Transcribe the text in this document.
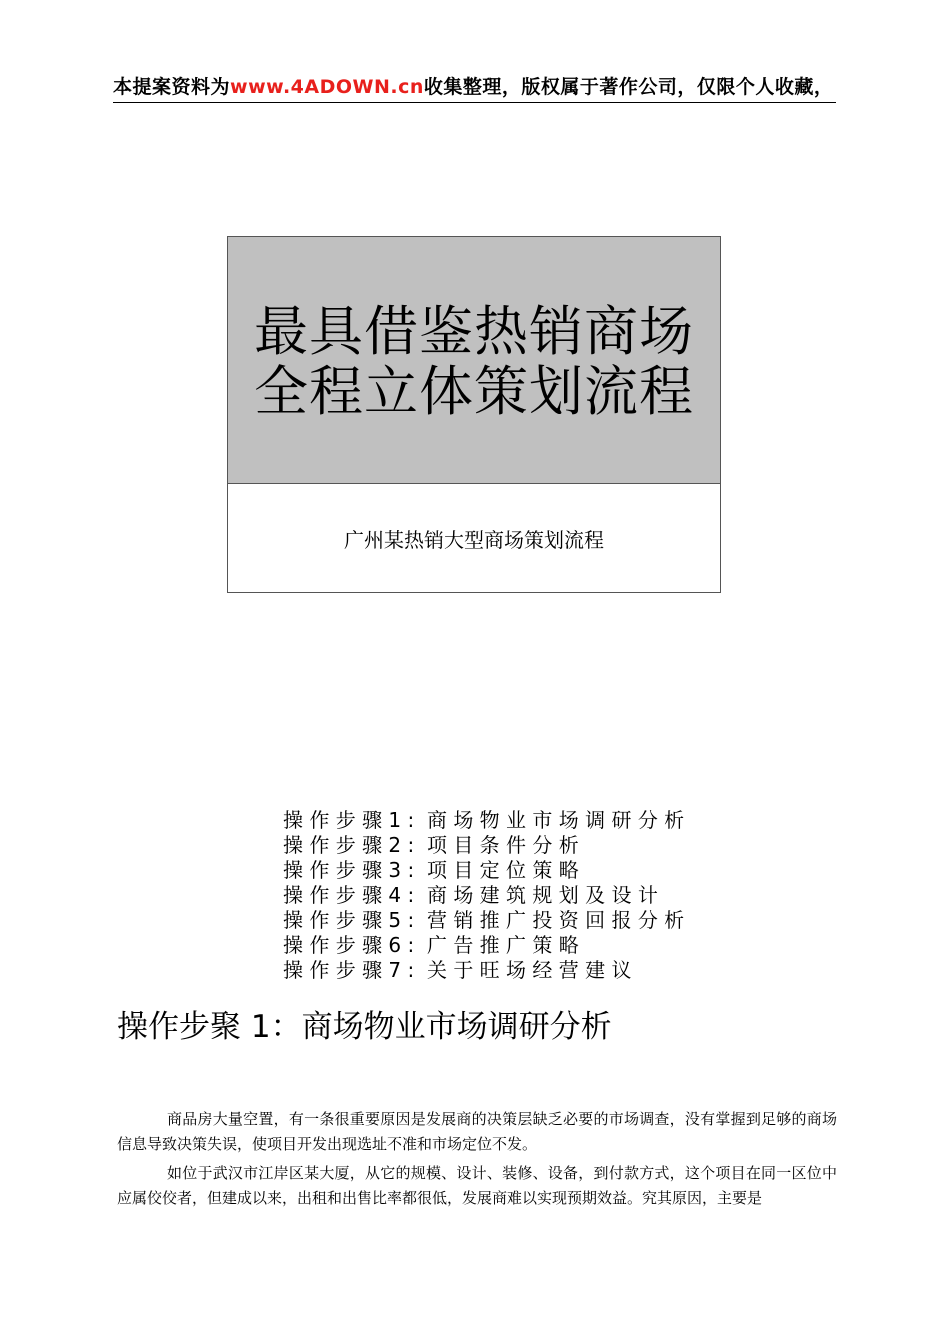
本提案资料为www.4ADOWN.cn收集整理，版权属于著作公司，仅限个人收藏，
最具借鉴热销商场
全程立体策划流程
广州某热销大型商场策划流程
操 作 步 骤 1 :  商 场 物 业 市 场 调 研 分 析
操 作 步 骤 2 :  项 目 条 件 分 析
操 作 步 骤 3 :  项 目 定 位 策 略
操 作 步 骤 4 :  商 场 建 筑 规 划 及 设 计
操 作 步 骤 5 :  营 销 推 广 投 资 回 报 分 析
操 作 步 骤 6 :  广 告 推 广 策 略
操 作 步 骤 7 :  关 于 旺 场 经 营 建 议
操作步聚 1：商场物业市场调研分析

商品房大量空置，有一条很重要原因是发展商的决策层缺乏必要的市场调查，没有掌握到足够的商场信息导致决策失误，使项目开发出现选址不准和市场定位不发。

如位于武汉市江岸区某大厦，从它的规模、设计、装修、设备，到付款方式，这个项目在同一区位中应属佼佼者，但建成以来，出租和出售比率都很低，发展商难以实现预期效益。究其原因，主要是
